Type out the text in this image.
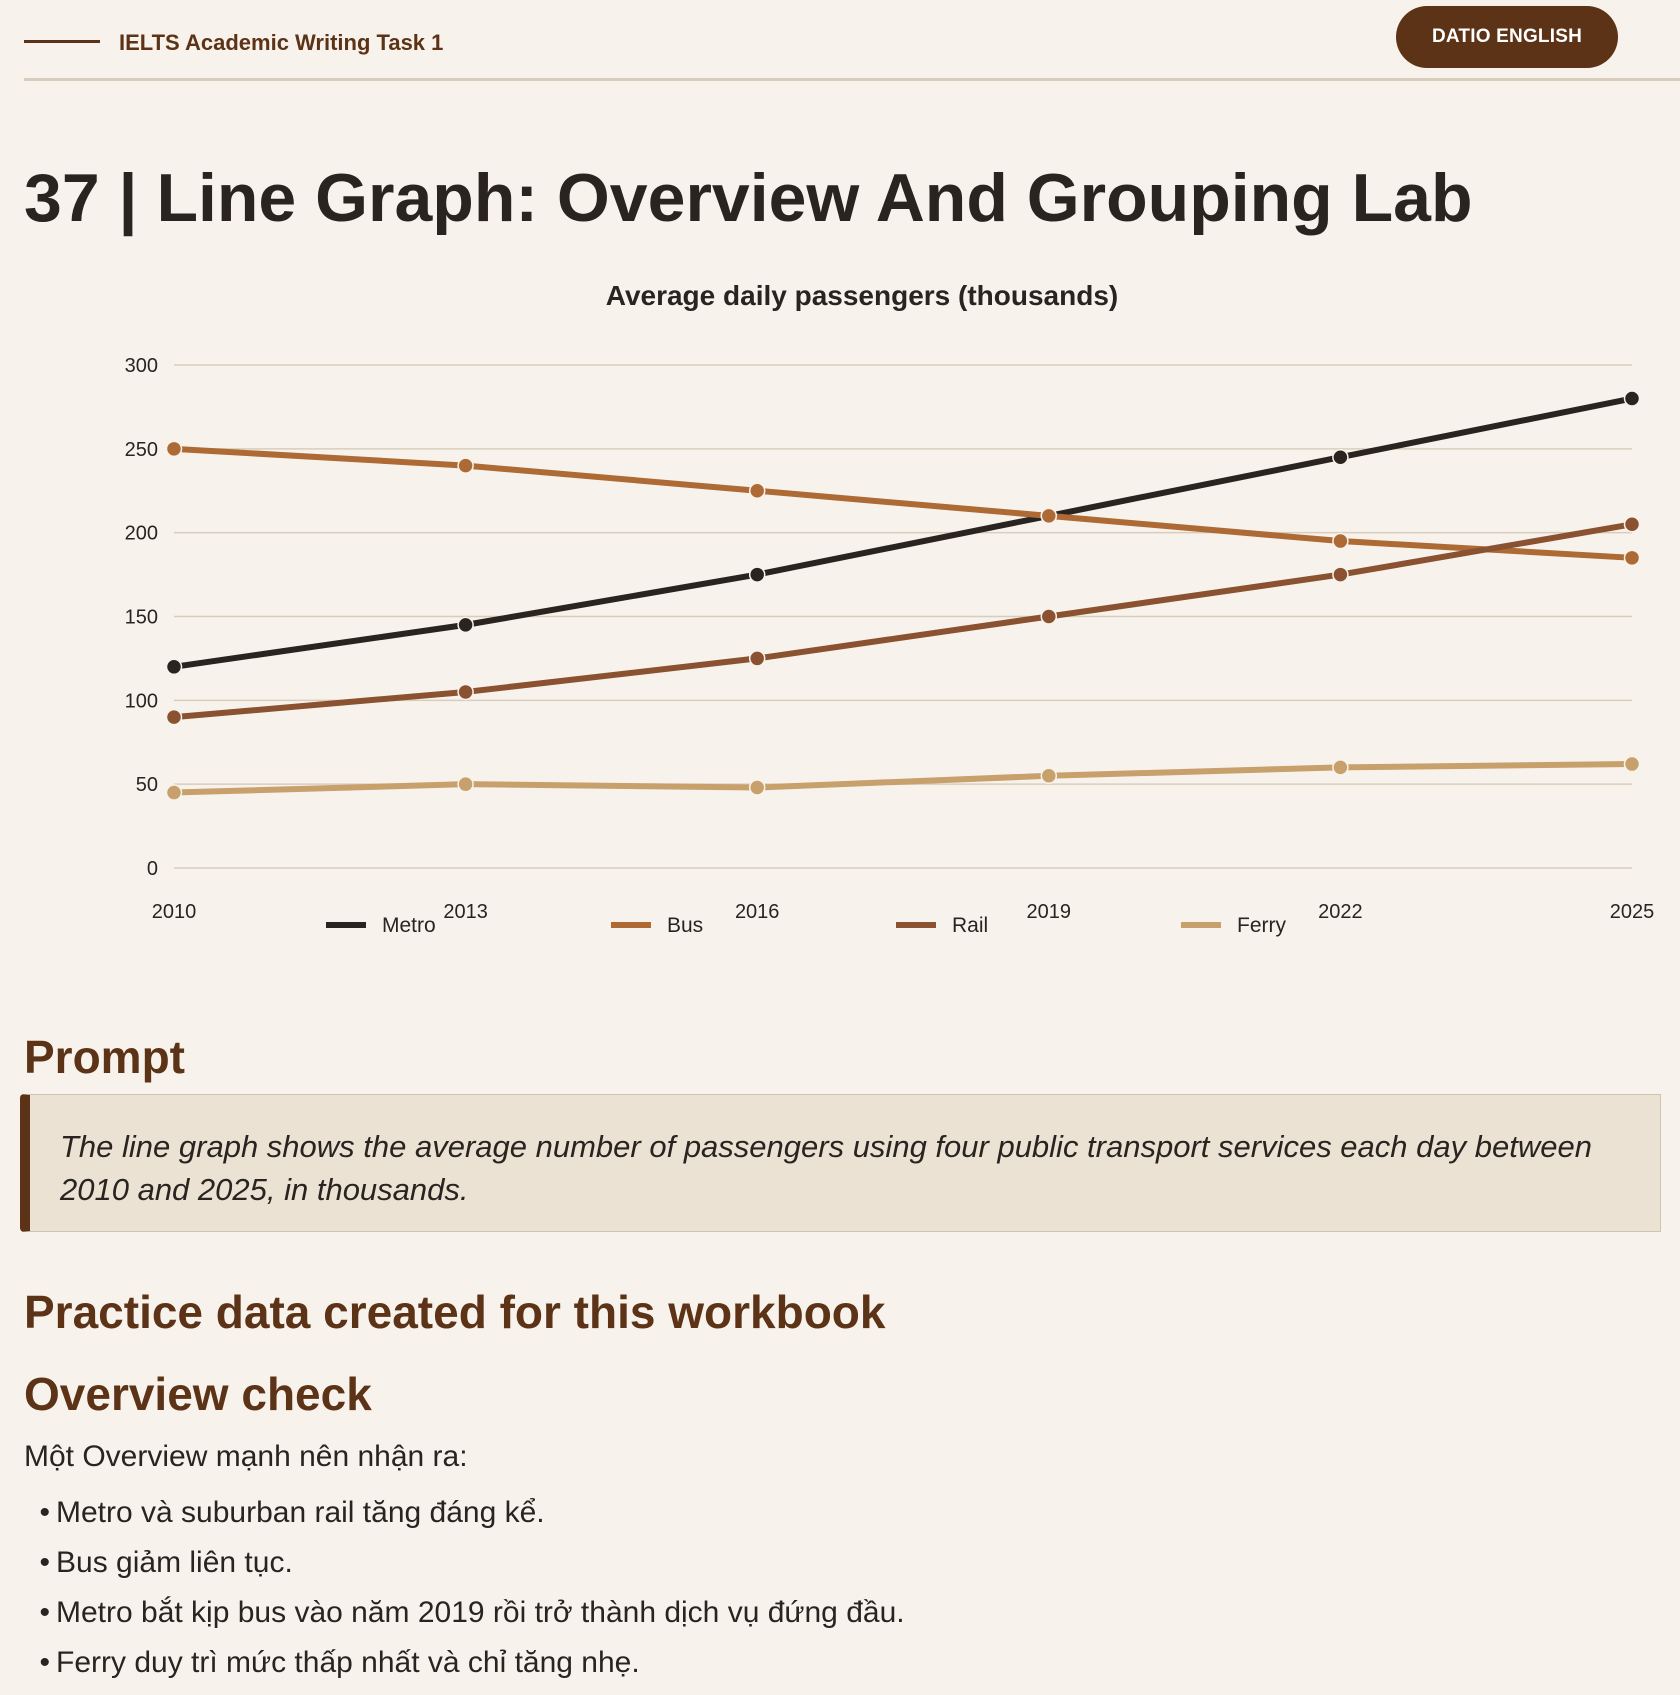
IELTS Academic Writing Task 1	DATIO ENGLISH
37 | Line Graph: Overview And Grouping Lab
Average daily passengers (thousands)
0
50
100
150
200
250
300
2010	2013	2016	2019	2022	2025
Metro	Bus	Rail	Ferry
Prompt

The line graph shows the average number of passengers using four public transport services each day between 2010 and 2025, in thousands.

Practice data created for this workbook
Overview check
Một Overview mạnh nên nhận ra:
• Metro và suburban rail tăng đáng kể.
• Bus giảm liên tục.
• Metro bắt kịp bus vào năm 2019 rồi trở thành dịch vụ đứng đầu.
• Ferry duy trì mức thấp nhất và chỉ tăng nhẹ.
